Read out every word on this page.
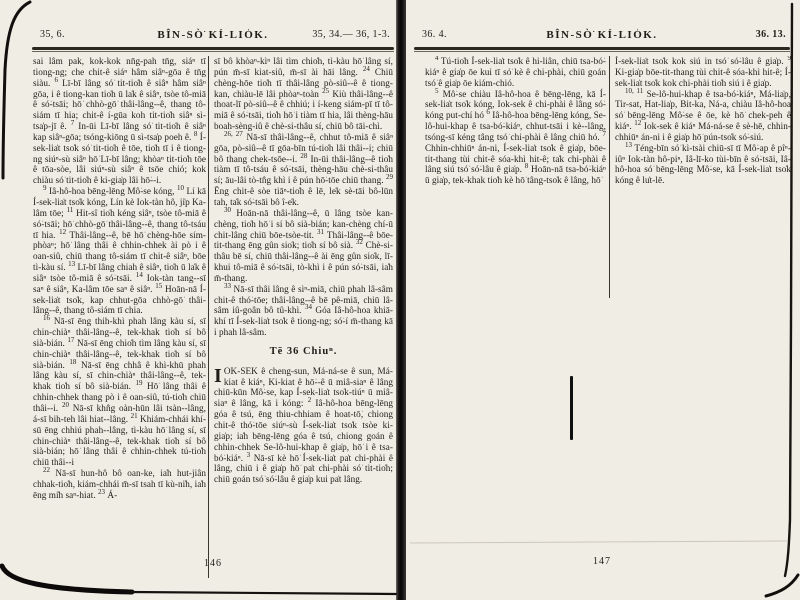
35, 6.	BÎN-SÒ͘ KÍ-LIO̍K.	35, 34.— 36, 1-3.

sai lâm pak, kok-kok nn̄g-pah tn̄g, siáⁿ tī tiong-ng; che chit-ê siáⁿ hâm siâⁿ-gōa ê tn̄g siàu. $^6$ Lī-bī lâng só͘ tit-tio̍h ê siâⁿ hâm siâⁿ gōa, i ê tiong-kan tio̍h ū la̍k ê siâⁿ, tsòe tô-miā ê só͘-tsāi; hō͘ chhò-gō͘ thâi-lâng--ê, thang tô-siám tī hia; chit-ê í-gūa koh tit-tio̍h siâⁿ sì-tsa̍p-jī ê. $^7$ In-ūi Lī-bī lâng só͘ tit-tio̍h ê siâⁿ kap siâⁿ-gōa; tsóng-kiōng ū sì-tsa̍p poeh ê. $^8$ Í-sek-lia̍t tso̍k só͘ tit-tio̍h ê tōe, tio̍h tī i ê tiong-ng siúⁿ-sù siâⁿ hō͘ Lī-bī lâng; khòaⁿ tit-tio̍h tōe ê tōa-sòe, lâi siúⁿ-sù siâⁿ ê tsōe chió; kok chiàu só͘ tit-tio̍h ê ki-gia̍p lâi hō͘--i.

$^9$ Iâ-hô-hoa bēng-lēng Mô͘-se kóng, $^{10}$ Lí kā Í-sek-lia̍t tso̍k kóng, Lín kè Iok-tàn hô, ji̍p Ka-lâm tōe; $^{11}$ Hit-sî tio̍h kéng siâⁿ, tsòe tô-miā ê só͘-tsāi; hō͘ chhò-gō͘ thâi-lâng--ê, thang tô-tsáu tī hia. $^{12}$ Thâi-lâng--ê, bē hō͘ chèng-hōe sím-phòaⁿ; hō͘ lâng thâi ê chhin-chhek ài pò i ê oan-siû, chiū thang tô-siám tī chit-ê siâⁿ, bōe tì-kàu sí. $^{13}$ Lī-bī lâng chiah ê siâⁿ, tio̍h ū la̍k ê siâⁿ tsòe tô-miā ê só͘-tsāi. $^{14}$ Iok-tàn tang--sī saⁿ ê siâⁿ, Ka-lâm tōe saⁿ ê siâⁿ. $^{15}$ Hoān-nā Í-sek-lia̍t tso̍k, kap chhut-gōa chhò-gō͘ thâi-lâng--ê, thang tô-siám tī chia.

$^{16}$ Nā-sī ēng thih-khì phah lâng kàu sí, sī chin-chiàⁿ thâi-lâng--ê, tek-khak tio̍h sí bô sià-bián. $^{17}$ Nā-sī ēng chio̍h tìm lâng kàu sí, sī chin-chiàⁿ thâi-lâng--ê, tek-khak tio̍h sí bô sià-bián. $^{18}$ Nā-sī ēng chhâ ê khì-khū phah lâng kàu sí, sī chin-chiàⁿ thâi-lâng--ê, tek-khak tio̍h sí bô sià-bián. $^{19}$ Hō͘ lâng thâi ê chhin-chhek thang pò i ê oan-siû, tú-tio̍h chiū thâi--i. $^{20}$ Nā-sī khn̂g oàn-hūn lâi tsàn--lâng, á-sī bih-teh lâi hiat--lâng. $^{21}$ Khiám-chhái khí-sū ēng chhiú phah--lâng, tì-kàu hō͘ lâng sí, sī chin-chiàⁿ thâi-lâng--ê, tek-khak tio̍h sí bô sià-bián; hō͘ lâng thâi ê chhin-chhek tú-tio̍h chiū thâi--i

$^{22}$ Nā-sī hun-hô bô oan-ke, ia̍h hut-jiân chhak-tio̍h, kiám-chhái m̄-sī tsah tī kù-ni̍h, ia̍h ēng mi̍h saⁿ-hiat. $^{23}$ Á-

sī bô khòaⁿ-kìⁿ lâi tìm chio̍h, tì-kàu hō͘ lâng sí, pún m̄-sī kiat-siû, m̄-sī ài hāi lâng. $^{24}$ Chiū chèng-hōe tio̍h tī thâi-lâng pò-siû--ê ê tiong-kan, chiàu-lē lâi phòaⁿ-toàn $^{25}$ Kiù thâi-lâng--ê thoat-lī pò-siû--ê ê chhiú; i í-keng siám-pī tī tô-miā ê só͘-tsāi, tio̍h hō͘ i tiàm tī hia, lâi thèng-hāu boah-sèng-iû ê chè-si-thâu sí, chiū bô tāi-chì.

$^{26, 27}$ Nā-sī thâi-lâng--ê, chhut tô-miā ê siâⁿ gōa, pò-siû--ê tī gōa-bīn tú-tio̍h lâi thâi--i; chiū bô thang chek-tsōe--i. $^{28}$ In-ūi thâi-lâng--ê tio̍h tiàm tī tô-tsáu ê só͘-tsāi, thèng-hāu chè-si-thâu sí; āu-lâi tò-tn̂g khì i ê pún hō͘-tōe chiū thang. $^{29}$ Ēng chit-ê sòe tiāⁿ-tio̍h ê lē, le̍k sè-tāi bô-lūn tah, ta̍k só͘-tsāi bô î-e̍k.

$^{30}$ Hoān-nā thâi-lâng--ê, ū lâng tsòe kan-chèng, tio̍h hō͘ i sí bô sià-bián; kan-chèng chí-ū chit-lâng chiū bōe-tsòe-tit. $^{31}$ Thâi-lâng--ê bōe-tit-thang ēng gûn sio̍k; tio̍h sí bô sià. $^{32}$ Chè-si-thâu bē sí, chiū thâi-lâng--ê ài ēng gûn sio̍k, lī-khui tô-miā ê só͘-tsāi, tò-khì i ê pún só͘-tsāi, ia̍h m̄-thang.

$^{33}$ Nā-sī thâi lâng ê sìⁿ-miā, chiū phah lâ-sâm chit-ê thó͘-tōe; thâi-lâng--ê bē pê-miā, chiū lâ-sâm iû-goân bô tû-khì. $^{34}$ Góa Iâ-hô-hoa khiā-khí tī Í-sek-lia̍t tso̍k ê tiong-ng; só͘-í m̄-thang kā i phah lâ-sâm.

Tē 36 Chiuⁿ.

IOK-SEK ê cheng-sun, Má-ná-se ê sun, Má-kiat ê kiáⁿ, Ki-kiat ê hō͘--ê ū miâ-siaⁿ ê lâng chiū-kūn Mô͘-se, kap Í-sek-lia̍t tso̍k-tiúⁿ ū miâ-siaⁿ ê lâng, kā i kóng: $^2$ Iâ-hô-hoa bēng-lēng góa ê tsú, ēng thiu-chhiam ê hoat-tō͘, chiong chit-ê thó͘-tōe siúⁿ-sù Í-sek-lia̍t tso̍k tsòe ki-gia̍p; ia̍h bēng-lēng góa ê tsú, chiong goán ê chhin-chhek Se-lô-hui-khap ê gia̍p, hō͘ i ê tsa-bó͘-kiáⁿ. $^3$ Nā-sī kè hō͘ Í-sek-lia̍t pa̍t chi-phài ê lâng, chiū i ê gia̍p hō͘ pa̍t chi-phài só͘ tit-tio̍h; chiū goán tsó͘ só͘-lâu ê gia̍p kui pa̍t lâng.

146
36. 4.	BÎN-SÒ͘ KÍ-LIO̍K.	36. 13.

$^4$ Tú-tio̍h Í-sek-lia̍t tso̍k ê hi-liân, chiū tsa-bó͘-kiáⁿ ê gia̍p ōe kui tī só͘ kè ê chi-phài, chiū goán tsó͘ ê gia̍p ōe kiám-chió.

$^5$ Mô͘-se chiàu Iâ-hô-hoa ê bēng-lēng, kā Í-sek-lia̍t tso̍k kóng, Iok-sek ê chi-phài ê lâng só͘-kóng put-chí hó $^6$ Iâ-hô-hoa bēng-lēng kóng, Se-lô-hui-khap ê tsa-bó͘-kiáⁿ, chhut-tsāi i kè--lâng, tsóng-sī kéng tâng tsó͘ chi-phài ê lâng chiū hó. $^7$ Chhin-chhiūⁿ án-ni, Í-sek-lia̍t tso̍k ê gia̍p, bōe-tit-thang tùi chit-ê sóa-khì hit-ê; ta̍k chi-phài ê lâng siú tsó͘ só͘-lâu ê gia̍p. $^8$ Hoān-nā tsa-bó͘-kiáⁿ ū gia̍p, tek-khak tio̍h kè hō͘ tâng-tso̍k ê lâng, hō͘

Í-sek-lia̍t tso̍k kok siú in tsó͘ só͘-lâu ê gia̍p. $^9$ Ki-gia̍p bōe-tit-thang tùi chit-ê sóa-khì hit-ê; Í-sek-lia̍t tso̍k kok chi-phài tio̍h siú i ê gia̍p.

$^{10, 11}$ Se-lô-hui-khap ê tsa-bó͘-kiáⁿ, Má-lia̍p, Tir-sat, Hat-lia̍p, Bit-ka, Ná-a, chiàu Iâ-hô-hoa só͘ bēng-lēng Mô͘-se ê ōe, kè hō͘ chek-peh ê kiáⁿ. $^{12}$ Iok-sek ê kiáⁿ Má-ná-se ê sè-hē, chhin-chhiūⁿ án-ni i ê gia̍p hō͘ pún-tso̍k só͘-siú.

$^{13}$ Téng-bīn só͘ kì-tsài chiū-sī tī Mô͘-ap ê pîⁿ-iûⁿ Iok-tàn hô-piⁿ, Iâ-lī-ko tùi-bīn ê só͘-tsāi, Iâ-hô-hoa só͘ bēng-lēng Mô͘-se, kā Í-sek-lia̍t tso̍k kóng ê lu̍t-lē.

147
